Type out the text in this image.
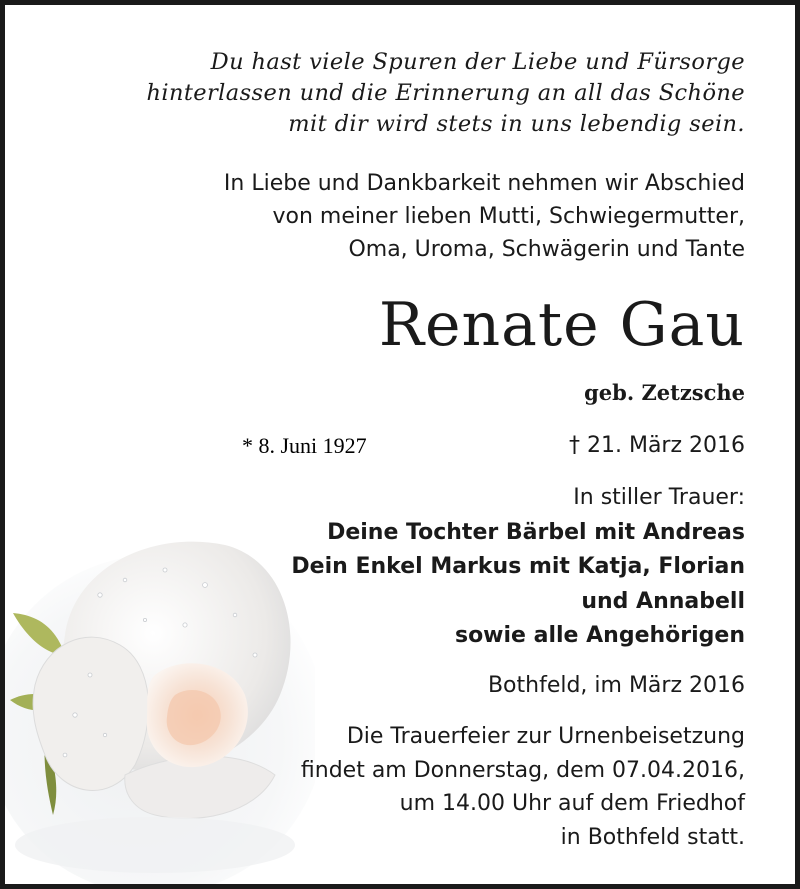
Du hast viele Spuren der Liebe und Fürsorge
hinterlassen und die Erinnerung an all das Schöne
mit dir wird stets in uns lebendig sein.
In Liebe und Dankbarkeit nehmen wir Abschied
von meiner lieben Mutti, Schwiegermutter,
Oma, Uroma, Schwägerin und Tante
Renate Gau
geb. Zetzsche
* 8. Juni 1927	† 21. März 2016
In stiller Trauer:
Deine Tochter Bärbel mit Andreas
Dein Enkel Markus mit Katja, Florian
und Annabell
sowie alle Angehörigen
Bothfeld, im März 2016
Die Trauerfeier zur Urnenbeisetzung
findet am Donnerstag, dem 07.04.2016,
um 14.00 Uhr auf dem Friedhof
in Bothfeld statt.
